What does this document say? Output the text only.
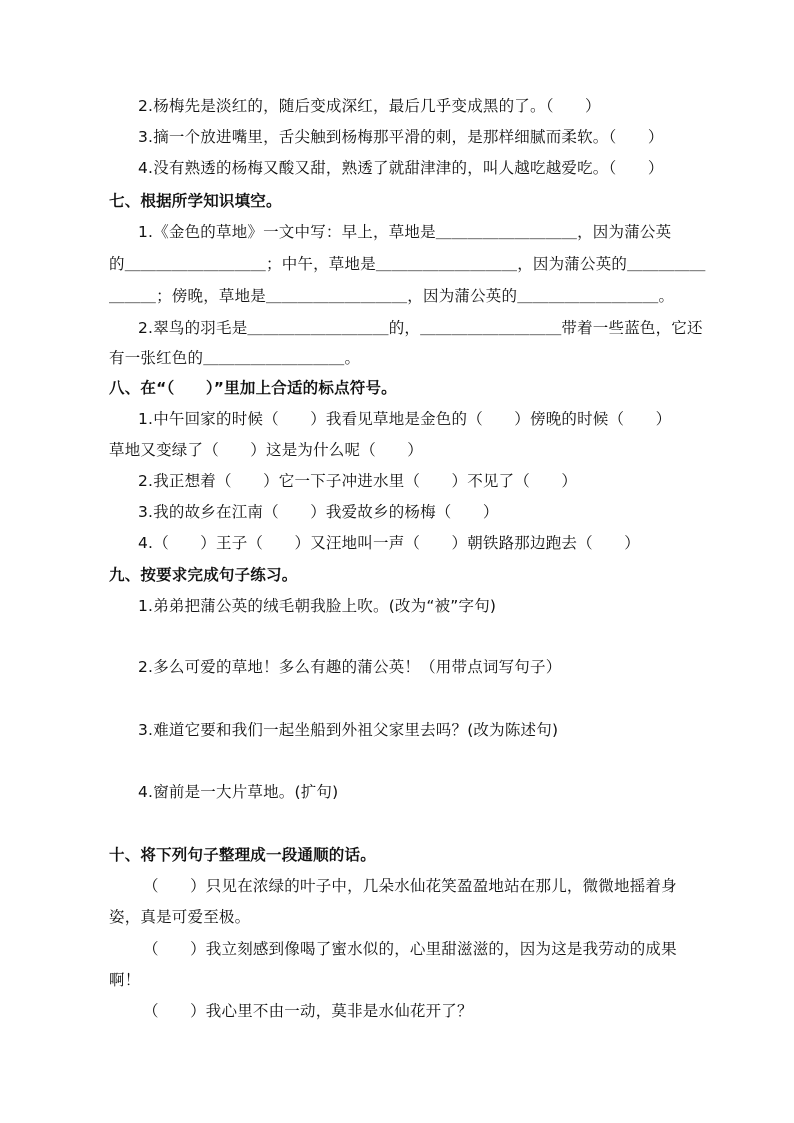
2.杨梅先是淡红的，随后变成深红，最后几乎变成黑的了。（　　）
3.摘一个放进嘴里，舌尖触到杨梅那平滑的刺，是那样细腻而柔软。（　　）
4.没有熟透的杨梅又酸又甜，熟透了就甜津津的，叫人越吃越爱吃。（　　）
七、根据所学知识填空。
1.《金色的草地》一文中写：早上，草地是＿＿＿＿＿＿＿＿＿，因为蒲公英
的＿＿＿＿＿＿＿＿＿；中午，草地是＿＿＿＿＿＿＿＿＿，因为蒲公英的＿＿＿＿＿
＿＿＿；傍晚，草地是＿＿＿＿＿＿＿＿＿，因为蒲公英的＿＿＿＿＿＿＿＿＿。
2.翠鸟的羽毛是＿＿＿＿＿＿＿＿＿的，＿＿＿＿＿＿＿＿＿带着一些蓝色，它还
有一张红色的＿＿＿＿＿＿＿＿＿。
八、在“（　　）”里加上合适的标点符号。
1.中午回家的时候（　　）我看见草地是金色的（　　）傍晚的时候（　　）
草地又变绿了（　　）这是为什么呢（　　）
2.我正想着（　　）它一下子冲进水里（　　）不见了（　　）
3.我的故乡在江南（　　）我爱故乡的杨梅（　　）
4.（　　）王子（　　）又汪地叫一声（　　）朝铁路那边跑去（　　）
九、按要求完成句子练习。
1.弟弟把蒲公英的绒毛朝我脸上吹。(改为“被”字句)
2.多么可爱的草地！多么有趣的蒲公英！（用带点词写句子）
3.难道它要和我们一起坐船到外祖父家里去吗？(改为陈述句)
4.窗前是一大片草地。(扩句)
十、将下列句子整理成一段通顺的话。
（　　）只见在浓绿的叶子中，几朵水仙花笑盈盈地站在那儿，微微地摇着身
姿，真是可爱至极。
（　　）我立刻感到像喝了蜜水似的，心里甜滋滋的，因为这是我劳动的成果
啊！
（　　）我心里不由一动，莫非是水仙花开了？
